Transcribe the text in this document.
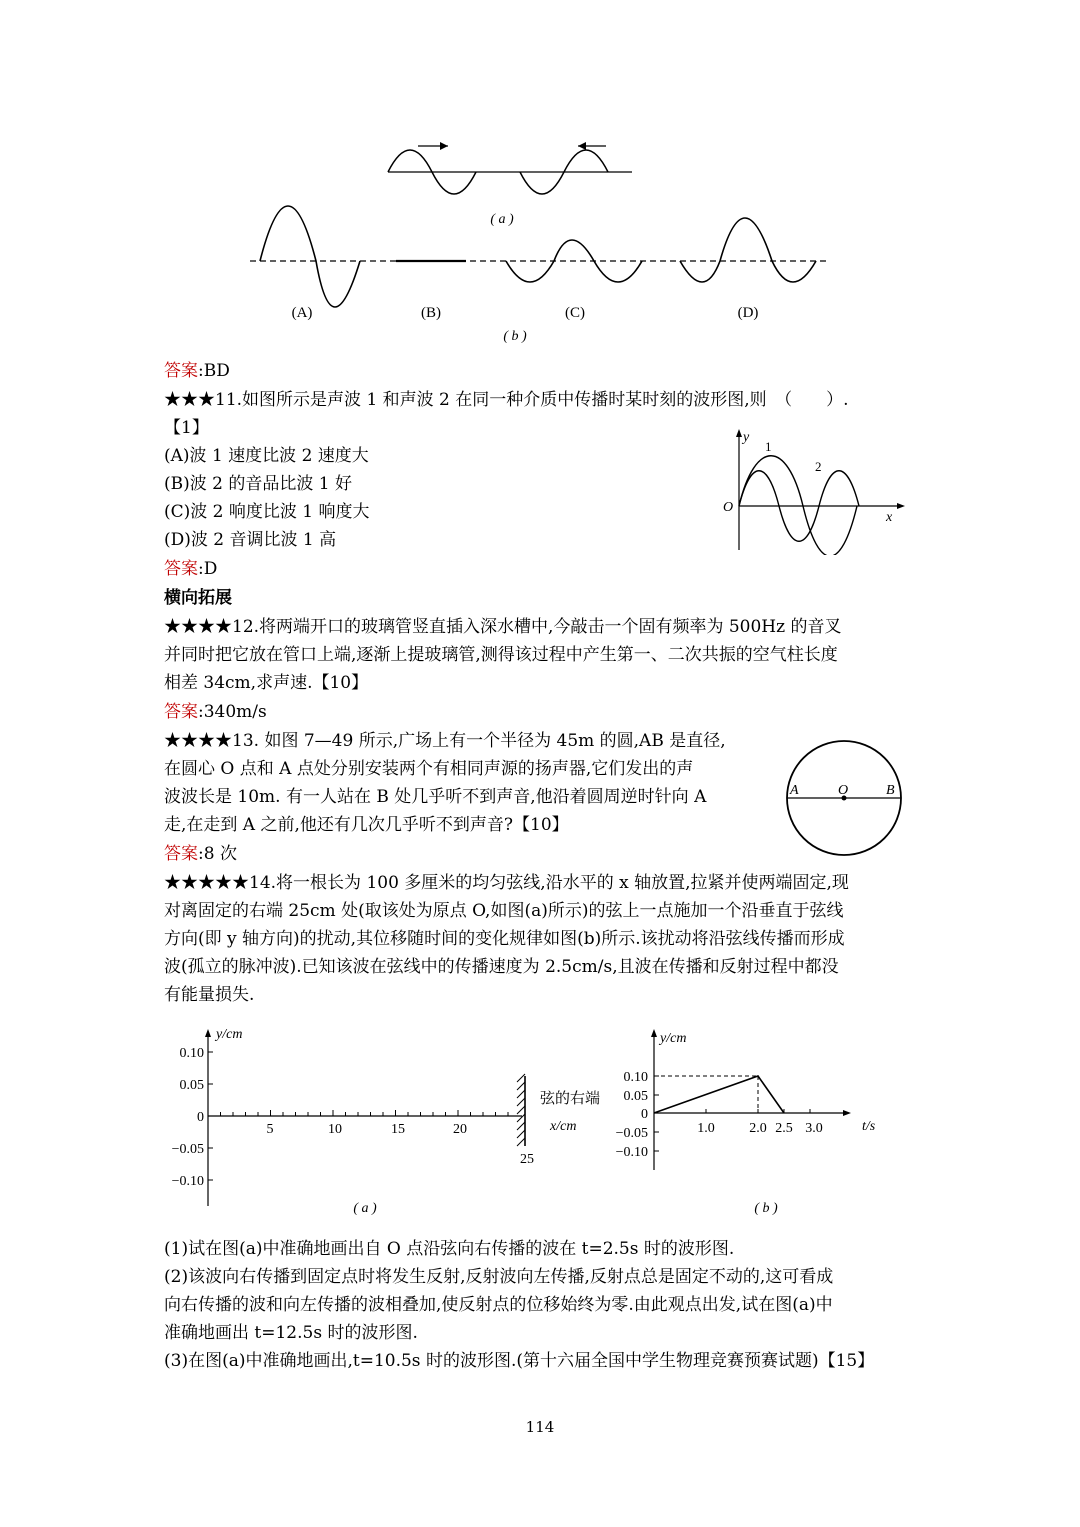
( a )
(A)	(B)	(C)	(D)
( b )
答案:BD
★★★11.如图所示是声波 1 和声波 2 在同一种介质中传播时某时刻的波形图,则　（　　）.
【1】
(A)波 1 速度比波 2 速度大
(B)波 2 的音品比波 1 好
(C)波 2 响度比波 1 响度大
(D)波 2 音调比波 1 高
答案:D
y
x
O
1
2
横向拓展
★★★★12.将两端开口的玻璃管竖直插入深水槽中,今敲击一个固有频率为 500Hz 的音叉
并同时把它放在管口上端,逐渐上提玻璃管,测得该过程中产生第一、二次共振的空气柱长度
相差 34cm,求声速.【10】
答案:340m/s
★★★★13. 如图 7—49 所示,广场上有一个半径为 45m 的圆,AB 是直径,
在圆心 O 点和 A 点处分别安装两个有相同声源的扬声器,它们发出的声
波波长是 10m. 有一人站在 B 处几乎听不到声音,他沿着圆周逆时针向 A
走,在走到 A 之前,他还有几次几乎听不到声音?【10】
答案:8 次
A	O	B
★★★★★14.将一根长为 100 多厘米的均匀弦线,沿水平的 x 轴放置,拉紧并使两端固定,现
对离固定的右端 25cm 处(取该处为原点 O,如图(a)所示)的弦上一点施加一个沿垂直于弦线
方向(即 y 轴方向)的扰动,其位移随时间的变化规律如图(b)所示.该扰动将沿弦线传播而形成
波(孤立的脉冲波).已知该波在弦线中的传播速度为 2.5cm/s,且波在传播和反射过程中都没
有能量损失.
0.10
0.05
0
−0.05
−0.10
y/cm
5	10	15	20
25
弦的右端
x/cm
( a )
y/cm
0.10
0.05
0
−0.05
−0.10
1.0 2.0 2.5 3.0	t/s
( b )
(1)试在图(a)中准确地画出自 O 点沿弦向右传播的波在 t=2.5s 时的波形图.
(2)该波向右传播到固定点时将发生反射,反射波向左传播,反射点总是固定不动的,这可看成
向右传播的波和向左传播的波相叠加,使反射点的位移始终为零.由此观点出发,试在图(a)中
准确地画出 t=12.5s 时的波形图.
(3)在图(a)中准确地画出,t=10.5s 时的波形图.(第十六届全国中学生物理竞赛预赛试题)【15】
114
